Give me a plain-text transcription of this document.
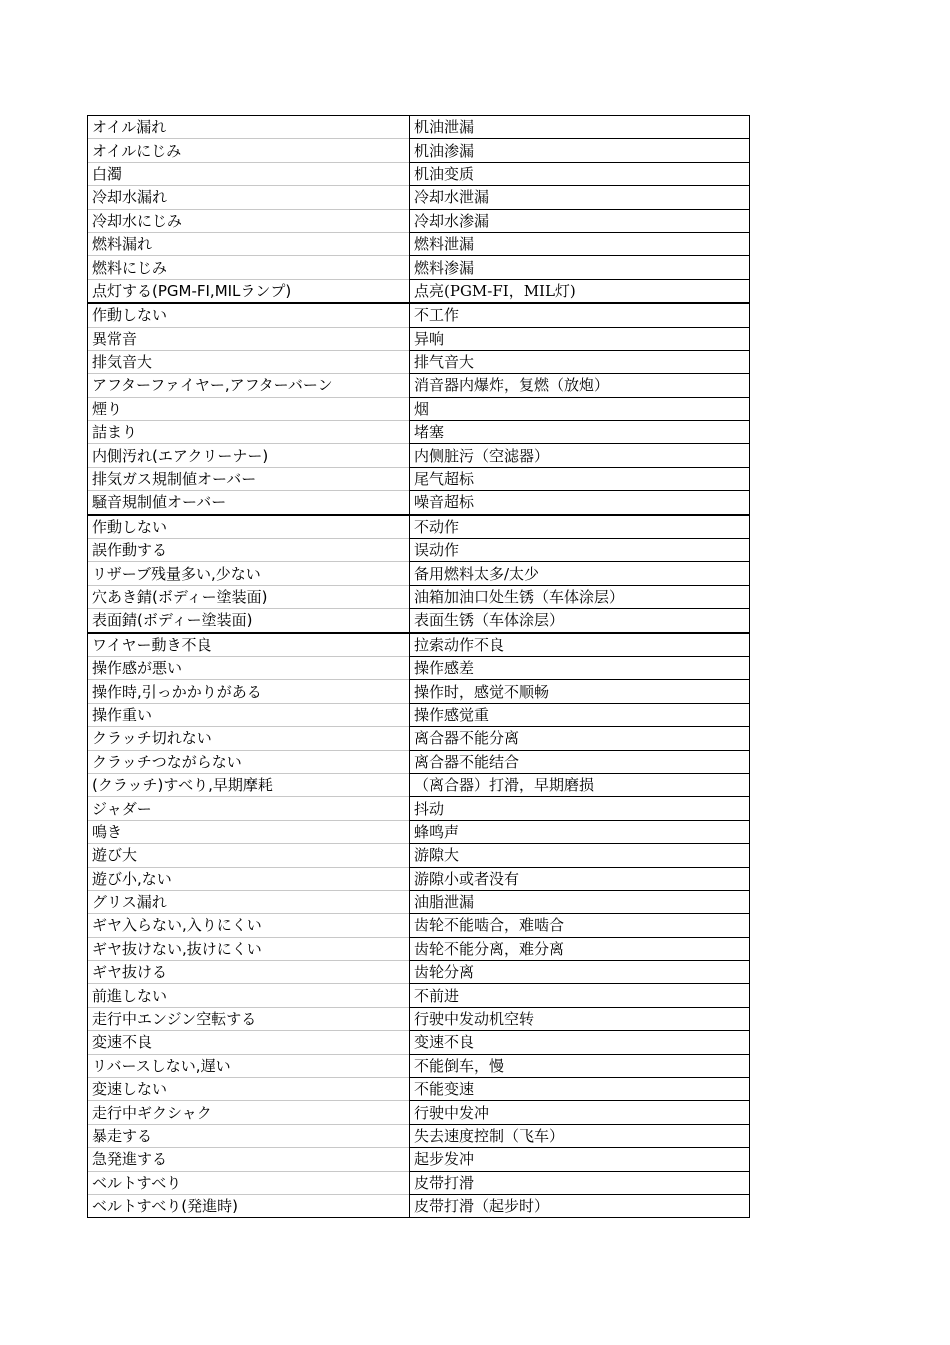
オイル漏れ	机油泄漏
オイルにじみ	机油渗漏
白濁	机油变质
冷却水漏れ	冷却水泄漏
冷却水にじみ	冷却水渗漏
燃料漏れ	燃料泄漏
燃料にじみ	燃料渗漏
点灯する(PGM-FI,MILランプ)	点亮(PGM-FI，MIL灯)
作動しない	不工作
異常音	异响
排気音大	排气音大
アフターファイヤー,アフターバーン	消音器内爆炸，复燃（放炮）
煙り	烟
詰まり	堵塞
内側汚れ(エアクリーナー)	内侧脏污（空滤器）
排気ガス規制値オーバー	尾气超标
騒音規制値オーバー	噪音超标
作動しない	不动作
誤作動する	误动作
リザーブ残量多い,少ない	备用燃料太多/太少
穴あき錆(ボディー塗装面)	油箱加油口处生锈（车体涂层）
表面錆(ボディー塗装面)	表面生锈（车体涂层）
ワイヤー動き不良	拉索动作不良
操作感が悪い	操作感差
操作時,引っかかりがある	操作时，感觉不顺畅
操作重い	操作感觉重
クラッチ切れない	离合器不能分离
クラッチつながらない	离合器不能结合
(クラッチ)すべり,早期摩耗	（离合器）打滑，早期磨损
ジャダー	抖动
鳴き	蜂鸣声
遊び大	游隙大
遊び小,ない	游隙小或者没有
グリス漏れ	油脂泄漏
ギヤ入らない,入りにくい	齿轮不能啮合，难啮合
ギヤ抜けない,抜けにくい	齿轮不能分离，难分离
ギヤ抜ける	齿轮分离
前進しない	不前进
走行中エンジン空転する	行驶中发动机空转
変速不良	变速不良
リバースしない,遅い	不能倒车，慢
変速しない	不能变速
走行中ギクシャク	行驶中发冲
暴走する	失去速度控制（飞车）
急発進する	起步发冲
ベルトすべり	皮带打滑
ベルトすべり(発進時)	皮带打滑（起步时）
